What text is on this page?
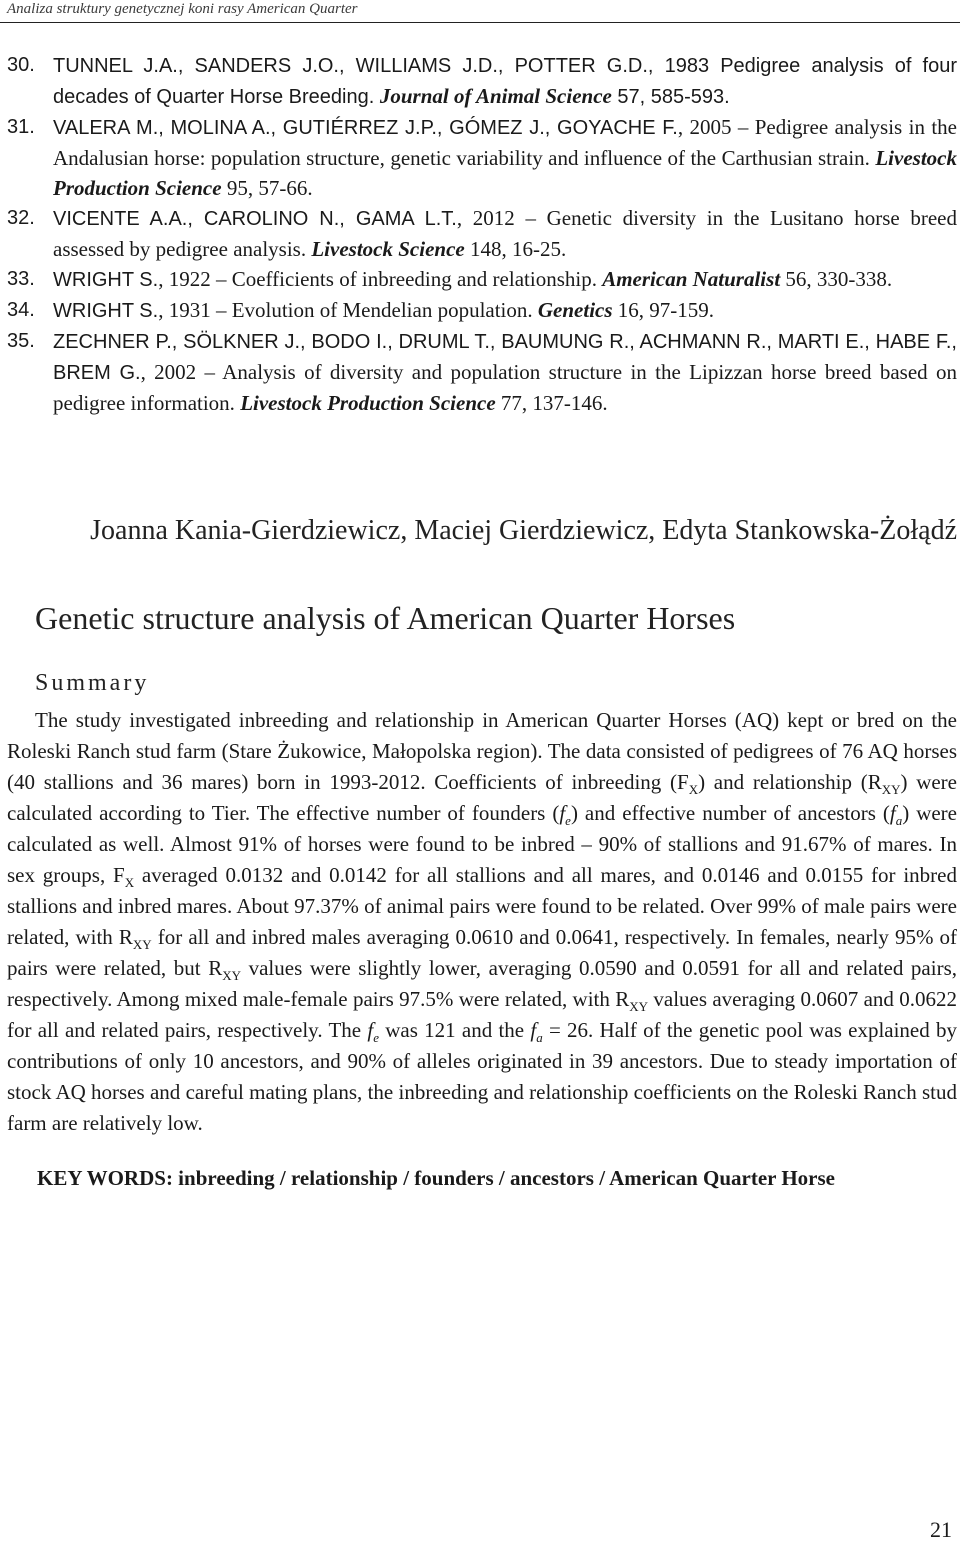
Analiza struktury genetycznej koni rasy American Quarter
30. TUNNEL J.A., SANDERS J.O., WILLIAMS J.D., POTTER G.D., 1983 Pedigree analysis of four decades of Quarter Horse Breeding. Journal of Animal Science 57, 585-593.
31. VALERA M., MOLINA A., GUTIÉRREZ J.P., GÓMEZ J., GOYACHE F., 2005 – Pedigree analysis in the Andalusian horse: population structure, genetic variability and influence of the Carthusian strain. Livestock Production Science 95, 57-66.
32. VICENTE A.A., CAROLINO N., GAMA L.T., 2012 – Genetic diversity in the Lusitano horse breed assessed by pedigree analysis. Livestock Science 148, 16-25.
33. WRIGHT S., 1922 – Coefficients of inbreeding and relationship. American Naturalist 56, 330-338.
34. WRIGHT S., 1931 – Evolution of Mendelian population. Genetics 16, 97-159.
35. ZECHNER P., SÖLKNER J., BODO I., DRUML T., BAUMUNG R., ACHMANN R., MARTI E., HABE F., BREM G., 2002 – Analysis of diversity and population structure in the Lipizzan horse breed based on pedigree information. Livestock Production Science 77, 137-146.
Joanna Kania-Gierdziewicz, Maciej Gierdziewicz, Edyta Stankowska-Żołądź
Genetic structure analysis of American Quarter Horses
Summary
The study investigated inbreeding and relationship in American Quarter Horses (AQ) kept or bred on the Roleski Ranch stud farm (Stare Żukowice, Małopolska region). The data consisted of pedigrees of 76 AQ horses (40 stallions and 36 mares) born in 1993-2012. Coefficients of inbreeding $(F_X)$ and relationship $(R_{XY})$ were calculated according to Tier. The effective number of founders $(f_e)$ and effective number of ancestors $(f_a)$ were calculated as well. Almost 91% of horses were found to be inbred – 90% of stallions and 91.67% of mares. In sex groups, $F_X$ averaged 0.0132 and 0.0142 for all stallions and all mares, and 0.0146 and 0.0155 for inbred stallions and inbred mares. About 97.37% of animal pairs were found to be related. Over 99% of male pairs were related, with $R_{XY}$ for all and inbred males averaging 0.0610 and 0.0641, respectively. In females, nearly 95% of pairs were related, but $R_{XY}$ values were slightly lower, averaging 0.0590 and 0.0591 for all and related pairs, respectively. Among mixed male-female pairs 97.5% were related, with $R_{XY}$ values averaging 0.0607 and 0.0622 for all and related pairs, respectively. The $f_e$ was 121 and the $f_a = 26$. Half of the genetic pool was explained by contributions of only 10 ancestors, and 90% of alleles originated in 39 ancestors. Due to steady importation of stock AQ horses and careful mating plans, the inbreeding and relationship coefficients on the Roleski Ranch stud farm are relatively low.
KEY WORDS: inbreeding / relationship / founders / ancestors / American Quarter Horse
21
